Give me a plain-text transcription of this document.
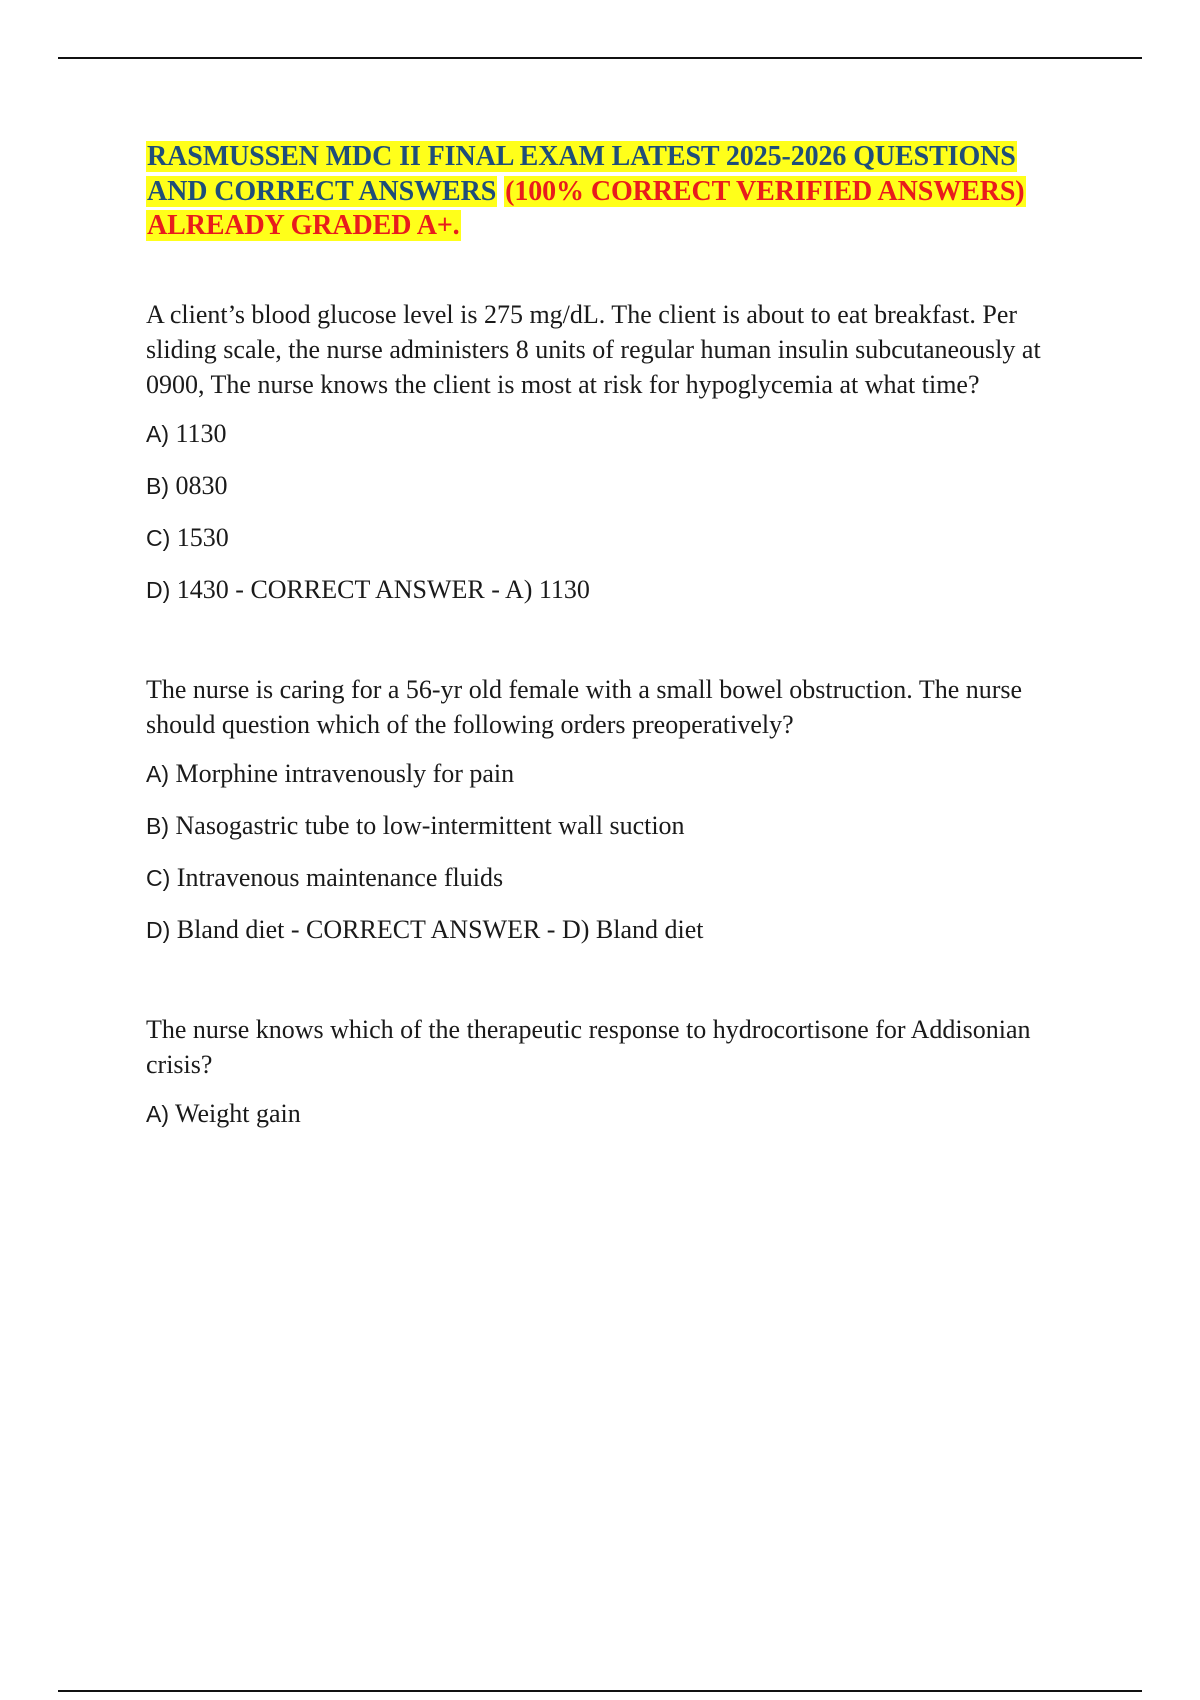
RASMUSSEN MDC II FINAL EXAM LATEST 2025-2026 QUESTIONS AND CORRECT ANSWERS (100% CORRECT VERIFIED ANSWERS) ALREADY GRADED A+.

A client’s blood glucose level is 275 mg/dL. The client is about to eat breakfast. Per sliding scale, the nurse administers 8 units of regular human insulin subcutaneously at 0900, The nurse knows the client is most at risk for hypoglycemia at what time?

A) 1130
B) 0830
C) 1530
D) 1430 - CORRECT ANSWER - A) 1130

The nurse is caring for a 56-yr old female with a small bowel obstruction. The nurse should question which of the following orders preoperatively?

A) Morphine intravenously for pain
B) Nasogastric tube to low-intermittent wall suction
C) Intravenous maintenance fluids
D) Bland diet - CORRECT ANSWER - D) Bland diet

The nurse knows which of the therapeutic response to hydrocortisone for Addisonian crisis?

A) Weight gain
